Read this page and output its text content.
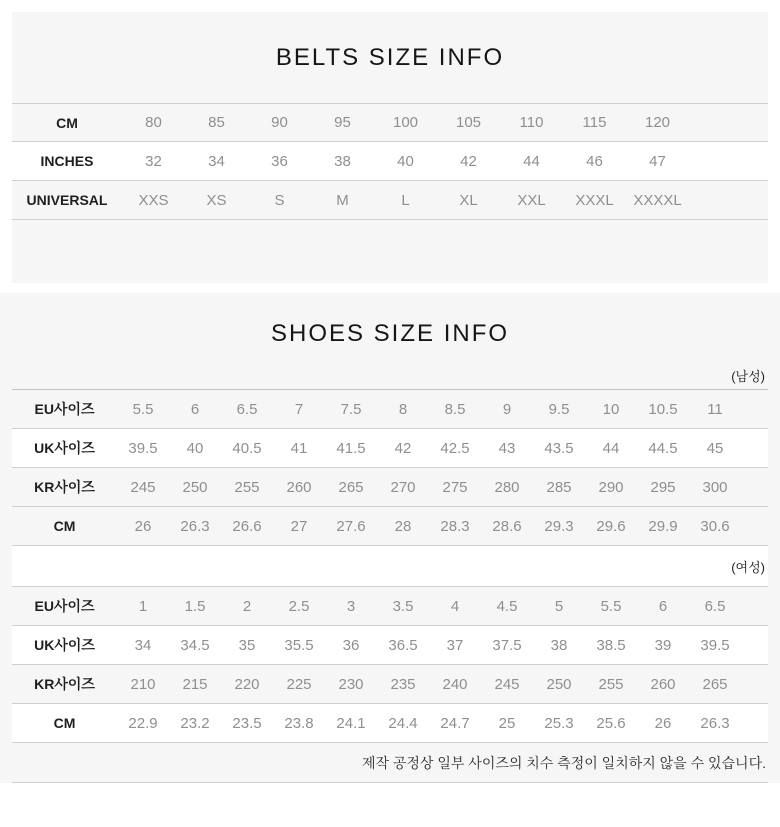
BELTS SIZE INFO
CM	80	85	90	95	100	105	110	115	120
INCHES	32	34	36	38	40	42	44	46	47
UNIVERSAL	XXS	XS	S	M	L	XL	XXL	XXXL	XXXXL
SHOES SIZE INFO
(남성)
EU사이즈	5.5	6	6.5	7	7.5	8	8.5	9	9.5	10	10.5	11
UK사이즈	39.5	40	40.5	41	41.5	42	42.5	43	43.5	44	44.5	45
KR사이즈	245	250	255	260	265	270	275	280	285	290	295	300
CM	26	26.3	26.6	27	27.6	28	28.3	28.6	29.3	29.6	29.9	30.6
(여성)
EU사이즈	1	1.5	2	2.5	3	3.5	4	4.5	5	5.5	6	6.5
UK사이즈	34	34.5	35	35.5	36	36.5	37	37.5	38	38.5	39	39.5
KR사이즈	210	215	220	225	230	235	240	245	250	255	260	265
CM	22.9	23.2	23.5	23.8	24.1	24.4	24.7	25	25.3	25.6	26	26.3
제작 공정상 일부 사이즈의 치수 측정이 일치하지 않을 수 있습니다.
